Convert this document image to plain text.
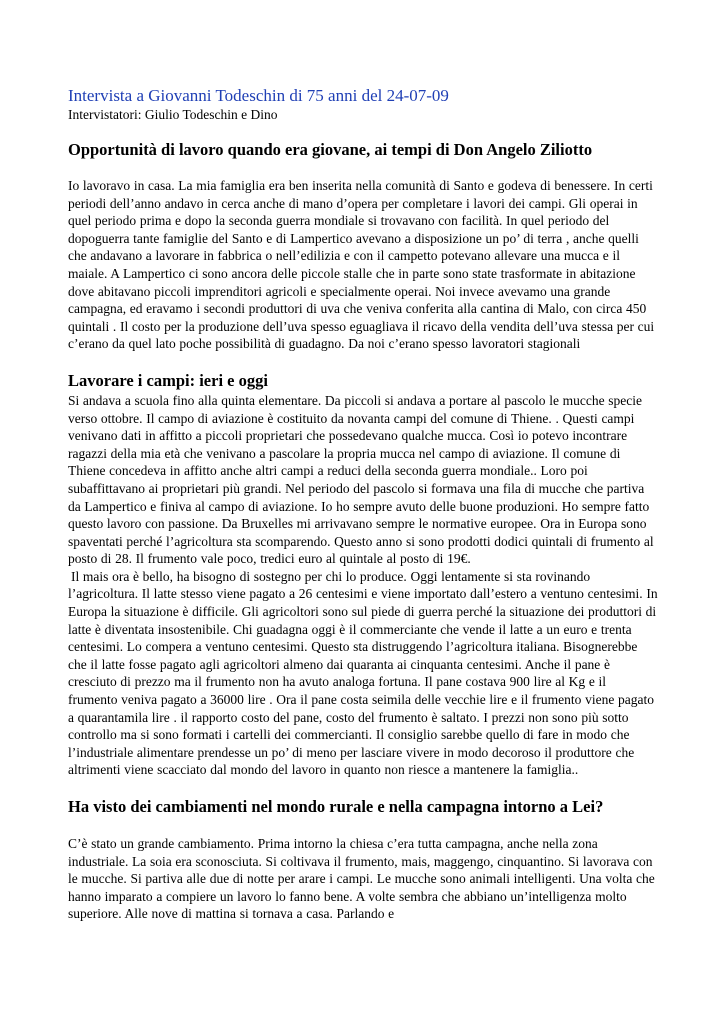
Intervista a Giovanni Todeschin di 75 anni del 24-07-09
Intervistatori: Giulio Todeschin e Dino
Opportunità di lavoro quando era giovane, ai tempi di Don Angelo Ziliotto

Io lavoravo in casa. La mia famiglia era ben inserita nella comunità di Santo e godeva di benessere. In certi periodi dell’anno andavo in cerca anche di mano d’opera per completare i lavori dei campi. Gli operai in quel periodo prima e dopo la seconda guerra mondiale si trovavano con facilità. In quel periodo del dopoguerra tante famiglie del Santo e di Lampertico avevano a disposizione un po’ di terra , anche quelli che andavano a lavorare in fabbrica o nell’edilizia e con il campetto potevano allevare una mucca e il maiale. A Lampertico ci sono ancora delle piccole stalle che in parte sono state trasformate in abitazione dove abitavano piccoli imprenditori agricoli e specialmente operai. Noi invece avevamo una grande campagna, ed eravamo i secondi produttori di uva che veniva conferita alla cantina di Malo, con circa 450 quintali . Il costo per la produzione dell’uva spesso eguagliava il ricavo della vendita dell’uva stessa per cui c’erano da quel lato poche possibilità di guadagno. Da noi c’erano spesso lavoratori stagionali

Lavorare i campi: ieri e oggi

Si andava a scuola fino alla quinta elementare. Da piccoli si andava a portare al pascolo le mucche specie verso ottobre. Il campo di aviazione è costituito da novanta campi del comune di Thiene. . Questi campi venivano dati in affitto a piccoli proprietari che possedevano qualche mucca. Così io potevo incontrare ragazzi della mia età che venivano a pascolare la propria mucca nel campo di aviazione. Il comune di Thiene concedeva in affitto anche altri campi a reduci della seconda guerra mondiale.. Loro poi subaffittavano ai proprietari più grandi. Nel periodo del pascolo si formava una fila di mucche che partiva da Lampertico e finiva al campo di aviazione. Io ho sempre avuto delle buone produzioni. Ho sempre fatto questo lavoro con passione. Da Bruxelles mi arrivavano sempre le normative europee. Ora in Europa sono spaventati perché l’agricoltura sta scomparendo. Questo anno si sono prodotti dodici quintali di frumento al posto di 28. Il frumento vale poco, tredici euro al quintale al posto di 19€.

Il mais ora è bello, ha bisogno di sostegno per chi lo produce. Oggi lentamente si sta rovinando l’agricoltura. Il latte stesso viene pagato a 26 centesimi e viene importato dall’estero a ventuno centesimi. In Europa la situazione è difficile. Gli agricoltori sono sul piede di guerra perché la situazione dei produttori di latte è diventata insostenibile. Chi guadagna oggi è il commerciante che vende il latte a un euro e trenta centesimi. Lo compera a ventuno centesimi. Questo sta distruggendo l’agricoltura italiana. Bisognerebbe che il latte fosse pagato agli agricoltori almeno dai quaranta ai cinquanta centesimi. Anche il pane è cresciuto di prezzo ma il frumento non ha avuto analoga fortuna. Il pane costava 900 lire al Kg e il frumento veniva pagato a 36000 lire . Ora il pane costa seimila delle vecchie lire e il frumento viene pagato a quarantamila lire . il rapporto costo del pane, costo del frumento è saltato. I prezzi non sono più sotto controllo ma si sono formati i cartelli dei commercianti. Il consiglio sarebbe quello di fare in modo che l’industriale alimentare prendesse un po’ di meno per lasciare vivere in modo decoroso il produttore che altrimenti viene scacciato dal mondo del lavoro in quanto non riesce a mantenere la famiglia..

Ha visto dei cambiamenti nel mondo rurale e nella campagna intorno a Lei?

C’è stato un grande cambiamento. Prima intorno la chiesa c’era tutta campagna, anche nella zona industriale. La soia era sconosciuta. Si coltivava il frumento, mais, maggengo, cinquantino. Si lavorava con le mucche. Si partiva alle due di notte per arare i campi. Le mucche sono animali intelligenti. Una volta che hanno imparato a compiere un lavoro lo fanno bene. A volte sembra che abbiano un’intelligenza molto superiore. Alle nove di mattina si tornava a casa. Parlando e
